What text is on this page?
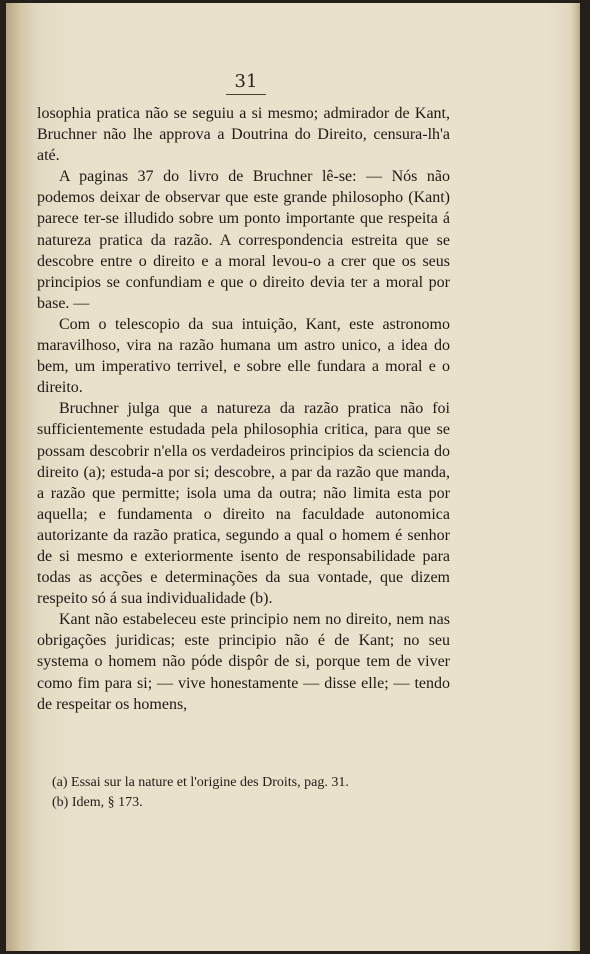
31

losophia pratica não se seguiu a si mesmo; admirador de Kant, Bruchner não lhe approva a Doutrina do Direito, censura-lh'a até.

A paginas 37 do livro de Bruchner lê-se: — Nós não podemos deixar de observar que este grande philosopho (Kant) parece ter-se illudido sobre um ponto importante que respeita á natureza pratica da razão. A correspondencia estreita que se descobre entre o direito e a moral levou-o a crer que os seus principios se confundiam e que o direito devia ter a moral por base. —

Com o telescopio da sua intuição, Kant, este astronomo maravilhoso, vira na razão humana um astro unico, a idea do bem, um imperativo terrivel, e sobre elle fundara a moral e o direito.

Bruchner julga que a natureza da razão pratica não foi sufficientemente estudada pela philosophia critica, para que se possam descobrir n'ella os verdadeiros principios da sciencia do direito (a); estuda-a por si; descobre, a par da razão que manda, a razão que permitte; isola uma da outra; não limita esta por aquella; e fundamenta o direito na faculdade autonomica autorizante da razão pratica, segundo a qual o homem é senhor de si mesmo e exteriormente isento de responsabilidade para todas as acções e determinações da sua vontade, que dizem respeito só á sua individualidade (b).

Kant não estabeleceu este principio nem no direito, nem nas obrigações juridicas; este principio não é de Kant; no seu systema o homem não póde dispôr de si, porque tem de viver como fim para si; — vive honestamente — disse elle; — tendo de respeitar os homens,

(a) Essai sur la nature et l'origine des Droits, pag. 31.
(b) Idem, § 173.
